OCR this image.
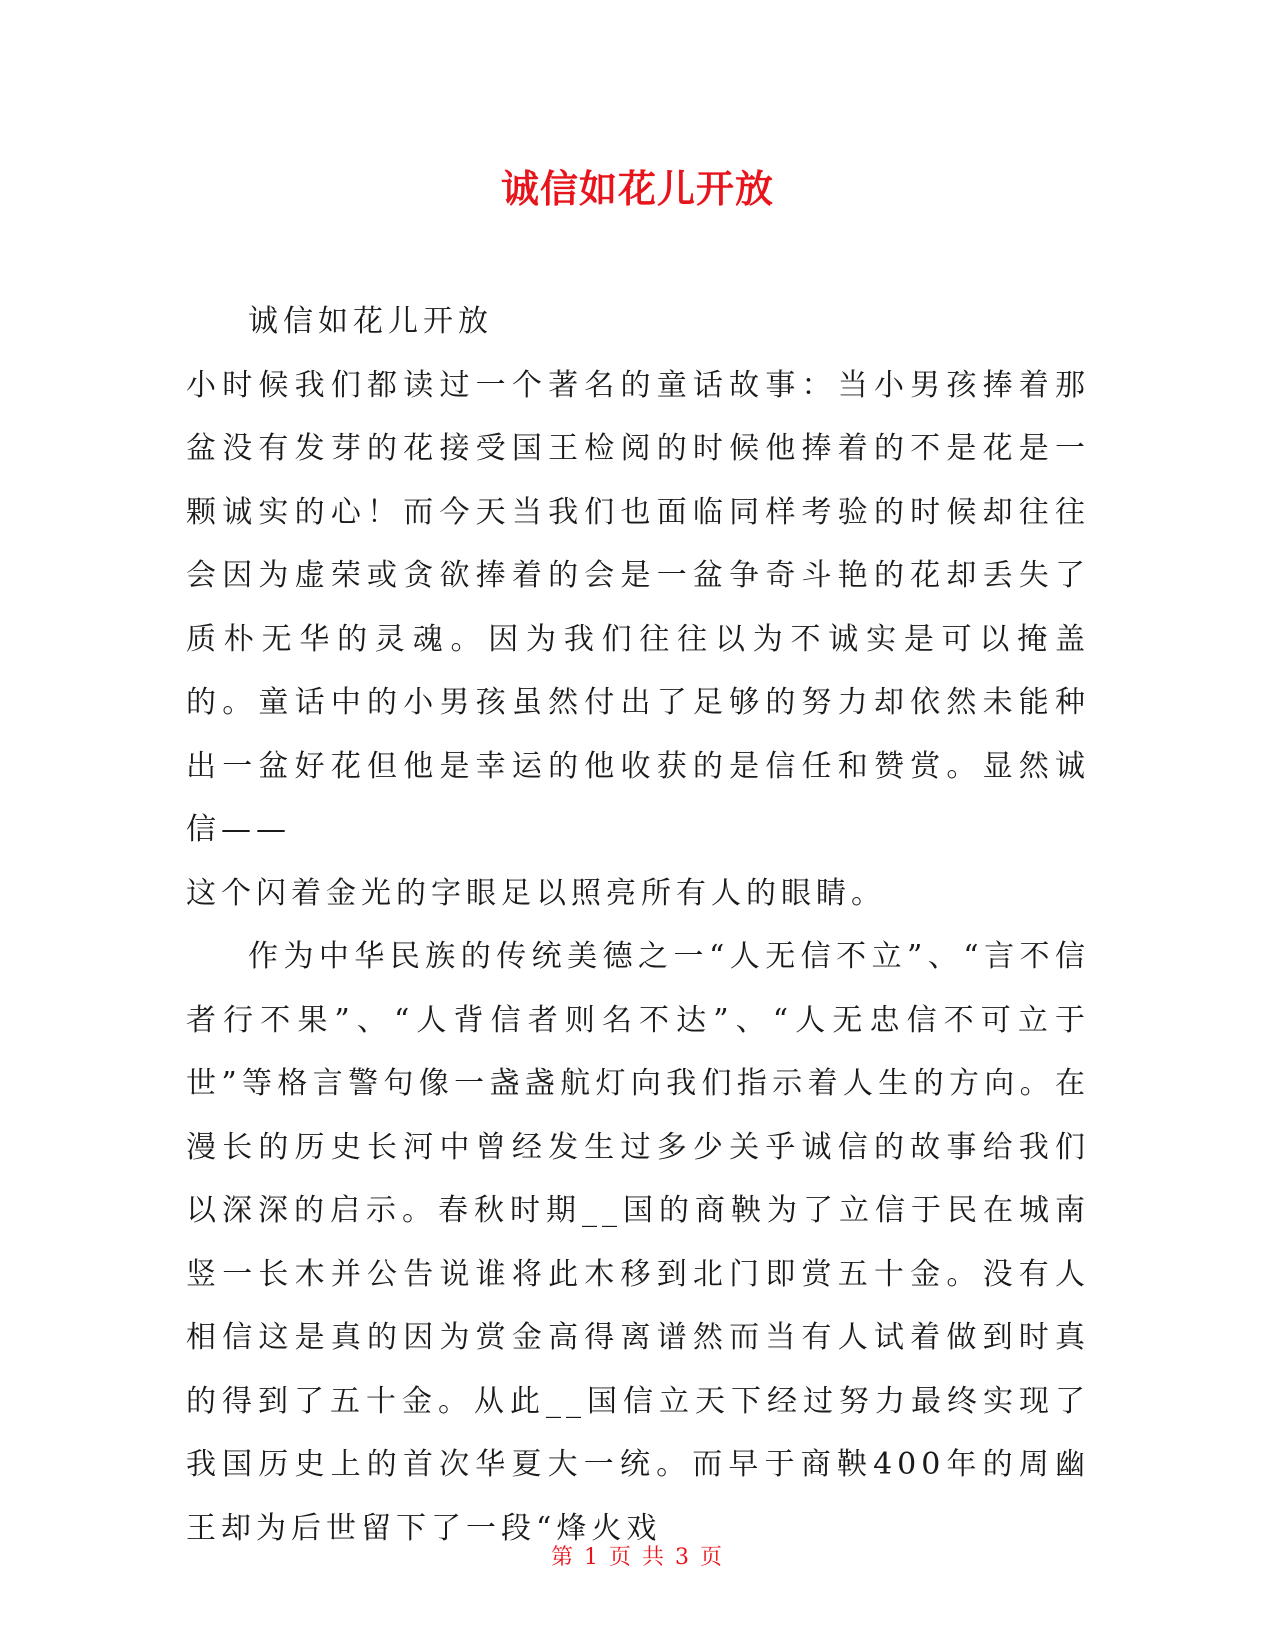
诚信如花儿开放

诚信如花儿开放

小时候我们都读过一个著名的童话故事：当小男孩捧着那盆没有发芽的花接受国王检阅的时候他捧着的不是花是一颗诚实的心！而今天当我们也面临同样考验的时候却往往会因为虚荣或贪欲捧着的会是一盆争奇斗艳的花却丢失了质朴无华的灵魂。因为我们往往以为不诚实是可以掩盖的。童话中的小男孩虽然付出了足够的努力却依然未能种出一盆好花但他是幸运的他收获的是信任和赞赏。显然诚信——

这个闪着金光的字眼足以照亮所有人的眼睛。

作为中华民族的传统美德之一“人无信不立”、“言不信者行不果”、“人背信者则名不达”、“人无忠信不可立于世”等格言警句像一盏盏航灯向我们指示着人生的方向。在漫长的历史长河中曾经发生过多少关乎诚信的故事给我们以深深的启示。春秋时期__国的商鞅为了立信于民在城南竖一长木并公告说谁将此木移到北门即赏五十金。没有人相信这是真的因为赏金高得离谱然而当有人试着做到时真的得到了五十金。从此__国信立天下经过努力最终实现了我国历史上的首次华夏大一统。而早于商鞅400年的周幽王却为后世留下了一段“烽火戏

第 1 页 共 3 页
